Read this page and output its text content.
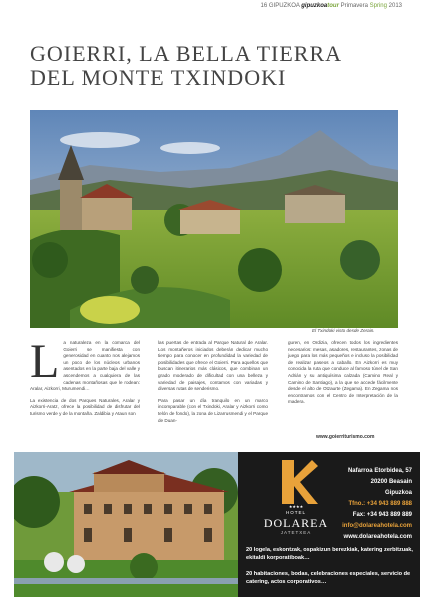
16 GIPUZKOA gipuzkoatour Primavera Spring 2013
GOIERRI, LA BELLA TIERRA
DEL MONTE TXINDOKI
El Txindoki visto desde Zerain.

La naturaleza en la comarca del Goierri se manifiesta con generosidad en cuanto nos alejamos un poco de los núcleos urbanos asentados en la parte baja del valle y ascendemos a cualquiera de las cadenas montañosas que le rodean: Aralar, Aizkorri, Murumendi…

La existencia de dos Parques Naturales, Aralar y Aizkorri-Aratz, ofrece la posibilidad de disfrutar del turismo verde y de la montaña. Zaldibia y Ataun son

las puertas de entrada al Parque Natural de Aralar. Los montañeros iniciados deberán dedicar mucho tiempo para conocer en profundidad la variedad de posibilidades que ofrece el Goierri. Para aquellos que buscan itinerarios más clásicos, que combinan un grado moderado de dificultad con una belleza y variedad de paisajes, contamos con variadas y diversas rutas de senderismo.

Para pasar un día tranquilo en un marco incomparable (con el Txindoki, Aralar y Aizkorri como telón de fondo), la zona de Lizarrusmendi y el Parque de Duan-

guren, en Ordizia, ofrecen todos los ingredientes necesarios: mesas, asadores, restaurantes, zonas de juego para los más pequeños e incluso la posibilidad de realizar paseos a caballo. En Aizkorri es muy conocida la ruta que conduce al famoso túnel de San Adrián y su antiquísima calzada (Camino Real y Camino de Santiago), a la que se accede fácilmente desde el alto de Otzaurte (Zegama). En Zegama nos encontramos con el Centro de Interpretación de la madera.

www.goierriturismo.com
★★★★
HOTEL
DOLAREA
JATETXEA
Nafarroa Etorbidea, 57
20200 Beasain
Gipuzkoa
Tfno.: +34 943 889 888
Fax: +34 943 889 889
info@dolareahotela.com
www.dolareahotela.com
20 logela, eskontzak, ospakizun berezkiak, katering zerbitzuak, ekitaldi korporatiboak…
20 habitaciones, bodas, celebraciones especiales, servicio de catering, actos corporativos…
